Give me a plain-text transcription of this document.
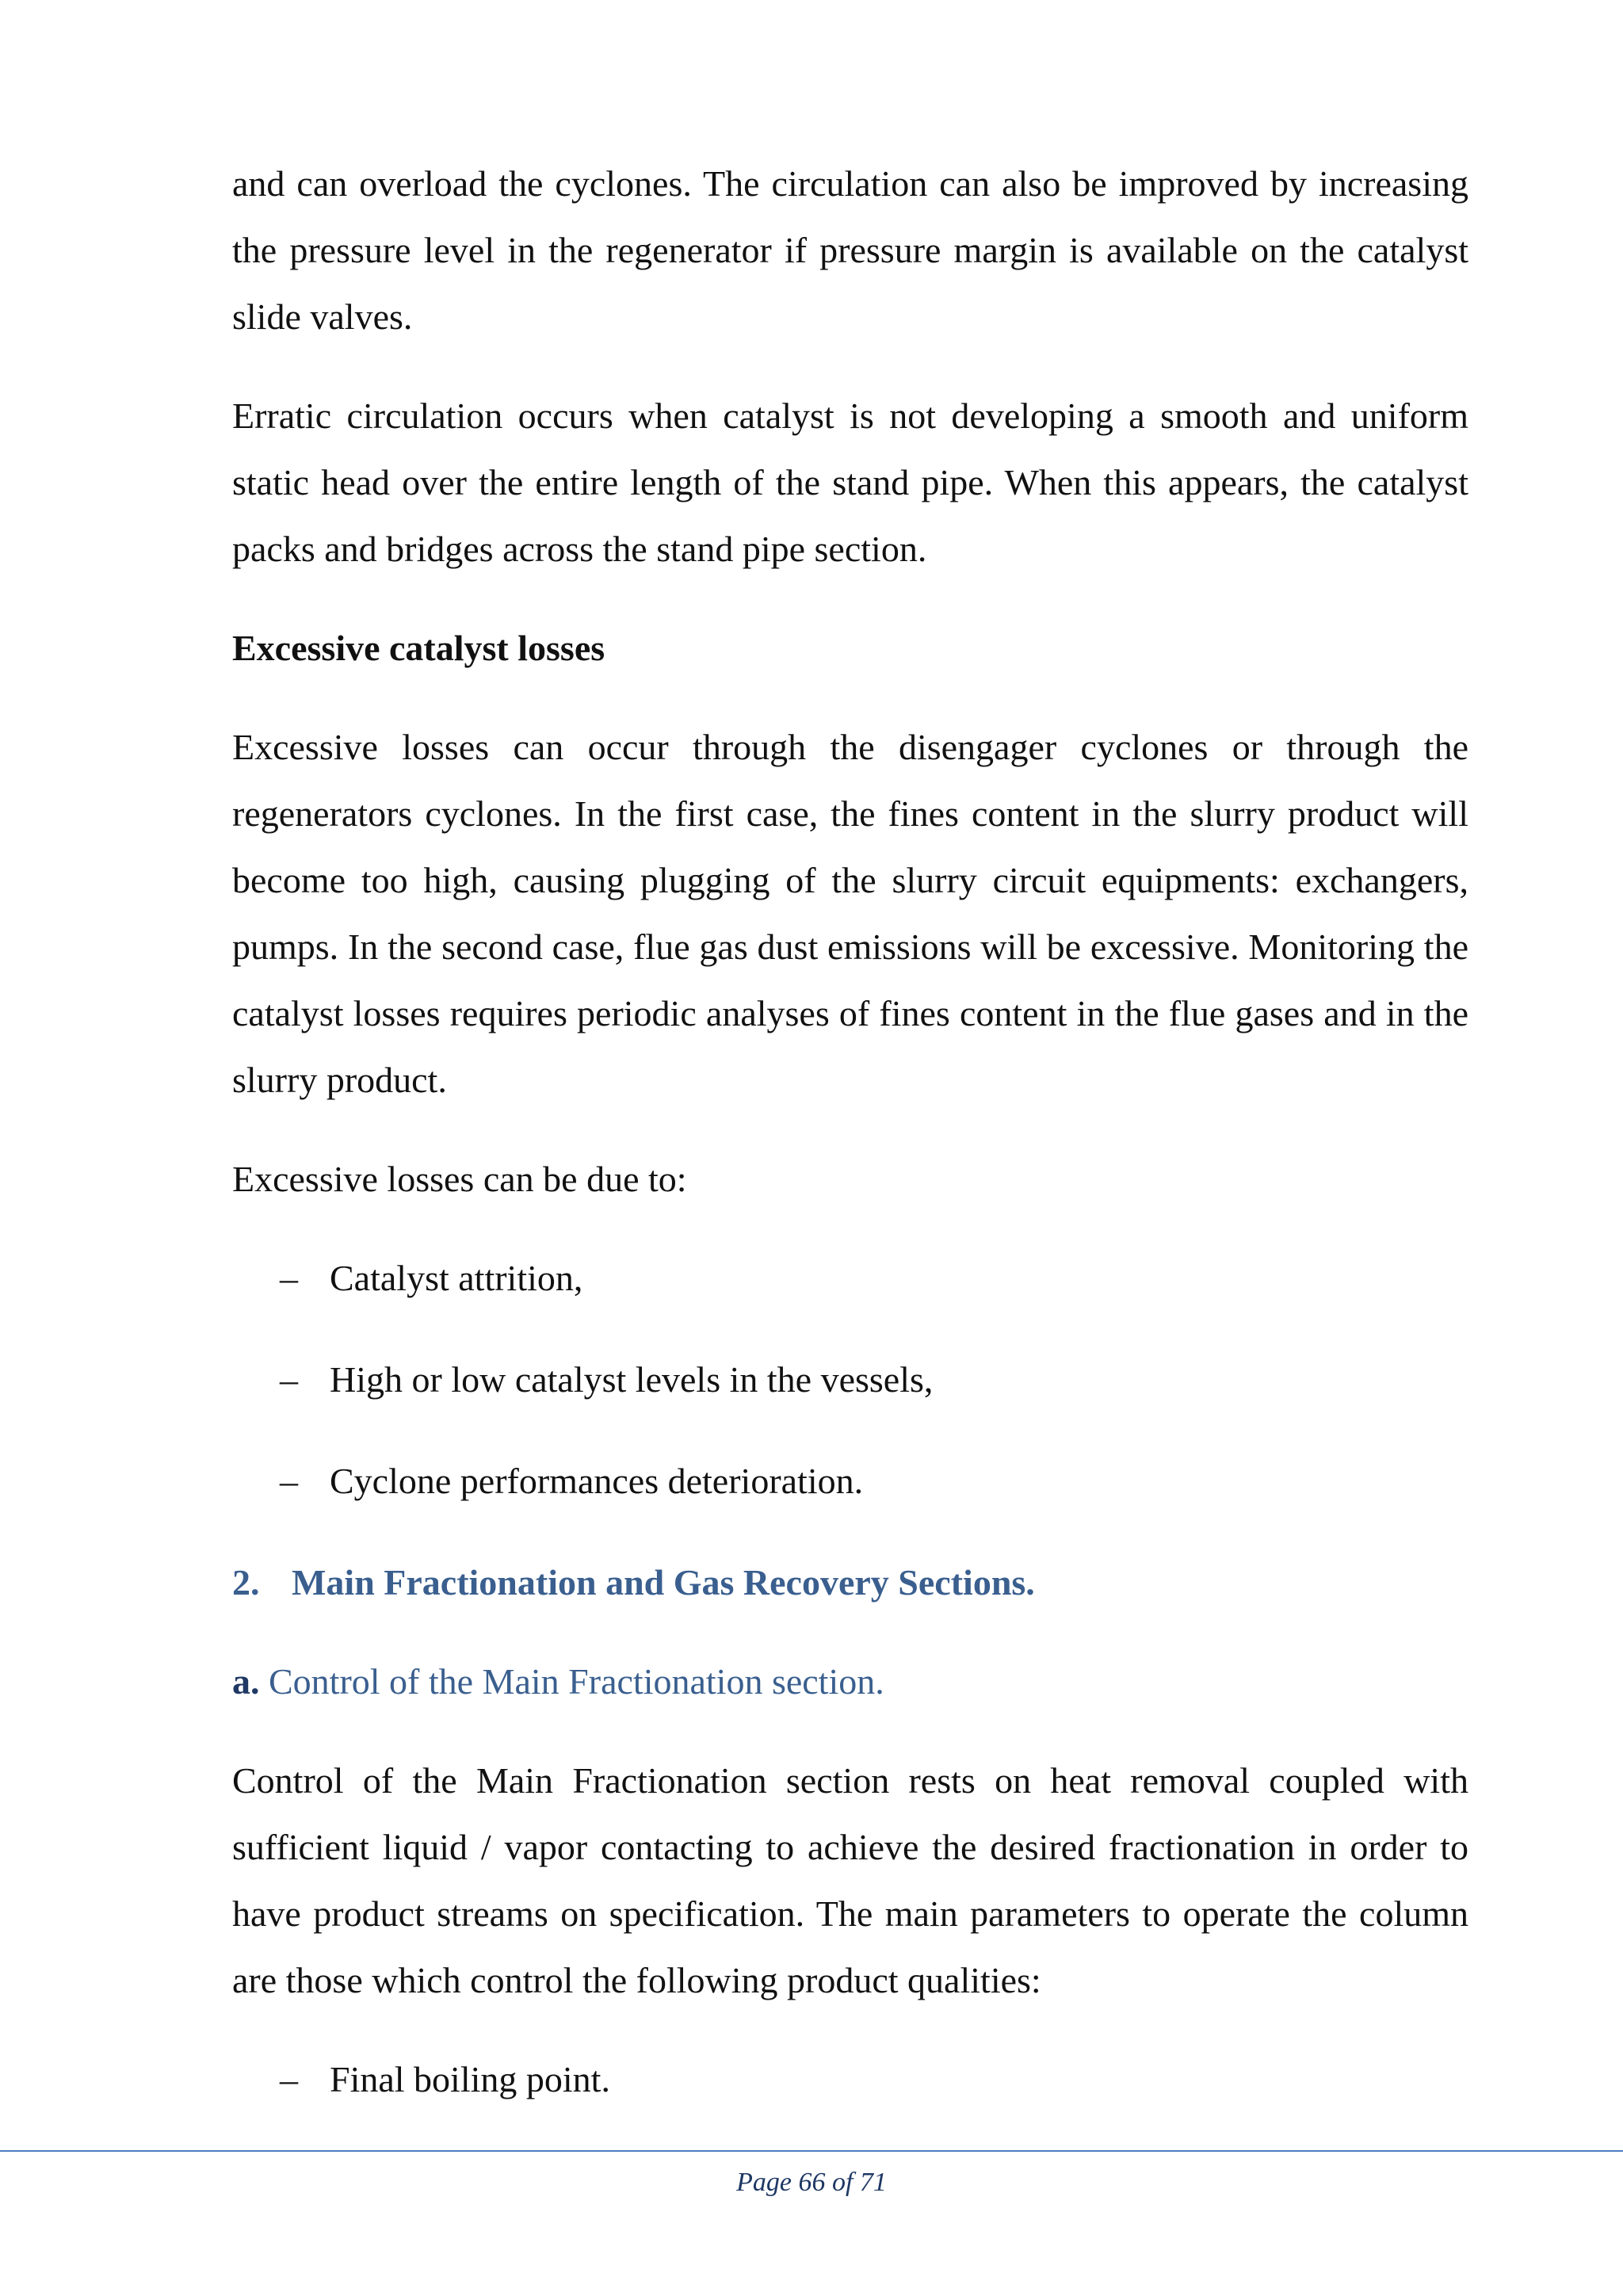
and can overload the cyclones. The circulation can also be improved by increasing the pressure level in the regenerator if pressure margin is available on the catalyst slide valves.

Erratic circulation occurs when catalyst is not developing a smooth and uniform static head over the entire length of the stand pipe. When this appears, the catalyst packs and bridges across the stand pipe section.

Excessive catalyst losses

Excessive losses can occur through the disengager cyclones or through the regenerators cyclones. In the first case, the fines content in the slurry product will become too high, causing plugging of the slurry circuit equipments: exchangers, pumps. In the second case, flue gas dust emissions will be excessive. Monitoring the catalyst losses requires periodic analyses of fines content in the flue gases and in the slurry product.

Excessive losses can be due to:

– Catalyst attrition,
– High or low catalyst levels in the vessels,
– Cyclone performances deterioration.

2. Main Fractionation and Gas Recovery Sections.

a. Control of the Main Fractionation section.

Control of the Main Fractionation section rests on heat removal coupled with sufficient liquid / vapor contacting to achieve the desired fractionation in order to have product streams on specification. The main parameters to operate the column are those which control the following product qualities:

– Final boiling point.
Page 66 of 71
